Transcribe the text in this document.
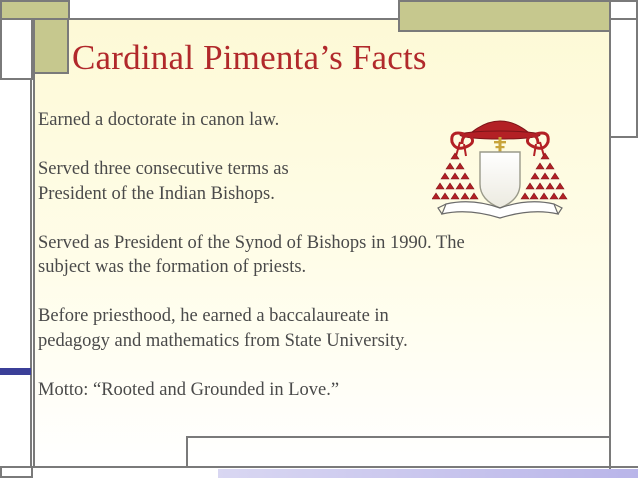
Cardinal Pimenta’s Facts

Earned a doctorate in canon law.

Served three consecutive terms as
President of the Indian Bishops.

Served as President of the Synod of Bishops in 1990. The
subject was the formation of priests.

Before priesthood, he earned a baccalaureate in
pedagogy and mathematics from State University.

Motto: “Rooted and Grounded in Love.”
